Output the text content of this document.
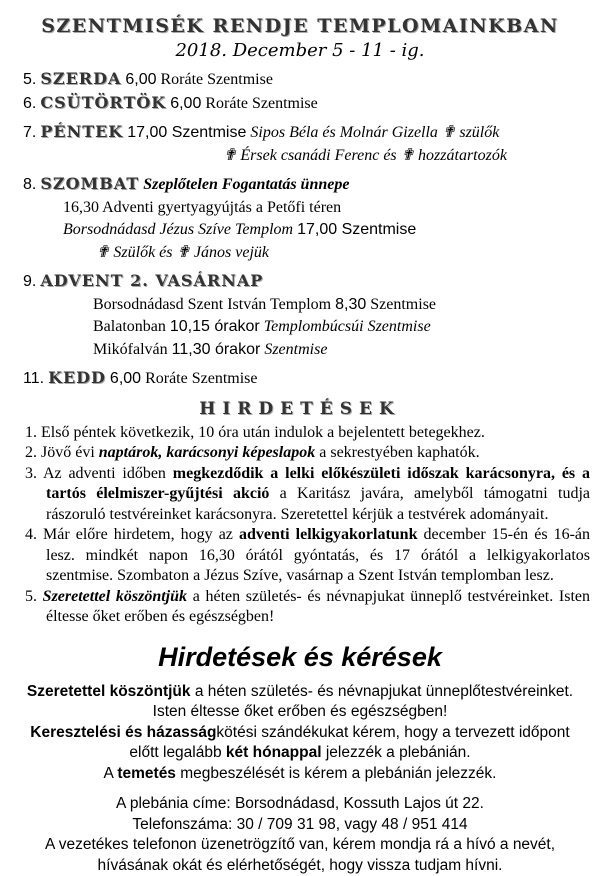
SZENTMISÉK RENDJE TEMPLOMAINKBAN
2018. December 5 - 11 - ig.
5. SZERDA 6,00 Roráte Szentmise
6. CSÜTÖRTÖK 6,00 Roráte Szentmise
7. PÉNTEK 17,00 Szentmise Sipos Béla és Molnár Gizella ✟ szülők
✟ Érsek csanádi Ferenc és ✟ hozzátartozók
8. SZOMBAT Szeplőtelen Fogantatás ünnepe
16,30 Adventi gyertyagyújtás a Petőfi téren
Borsodnádasd Jézus Szíve Templom 17,00 Szentmise
✟ Szülők és ✟ János vejük
9. ADVENT 2. VASÁRNAP
Borsodnádasd Szent István Templom 8,30 Szentmise
Balatonban 10,15 órakor Templombúcsúi Szentmise
Mikófalván 11,30 órakor Szentmise
11. KEDD 6,00 Roráte Szentmise
HIRDETÉSEK

1. Első péntek következik, 10 óra után indulok a bejelentett betegekhez.

2. Jövő évi naptárok, karácsonyi képeslapok a sekrestyében kaphatók.

3. Az adventi időben megkezdődik a lelki előkészületi időszak karácsonyra, és a tartós élelmiszer-gyűjtési akció a Karitász javára, amelyből támogatni tudja rászoruló testvéreinket karácsonyra. Szeretettel kérjük a testvérek adományait.

4. Már előre hirdetem, hogy az adventi lelkigyakorlatunk december 15-én és 16-án lesz. mindkét napon 16,30 órától gyóntatás, és 17 órától a lelkigyakorlatos szentmise. Szombaton a Jézus Szíve, vasárnap a Szent István templomban lesz.

5. Szeretettel köszöntjük a héten születés- és névnapjukat ünneplő testvéreinket. Isten éltesse őket erőben és egészségben!

Hirdetések és kérések
Szeretettel köszöntjük a héten születés- és névnapjukat ünneplőtestvéreinket.
Isten éltesse őket erőben és egészségben!
Keresztelési és házasságkötési szándékukat kérem, hogy a tervezett időpont
előtt legalább két hónappal jelezzék a plebánián.
A temetés megbeszélését is kérem a plebánián jelezzék.
A plebánia címe: Borsodnádasd, Kossuth Lajos út 22.
Telefonszáma: 30 / 709 31 98, vagy 48 / 951 414
A vezetékes telefonon üzenetrögzítő van, kérem mondja rá a hívó a nevét,
hívásának okát és elérhetőségét, hogy vissza tudjam hívni.
